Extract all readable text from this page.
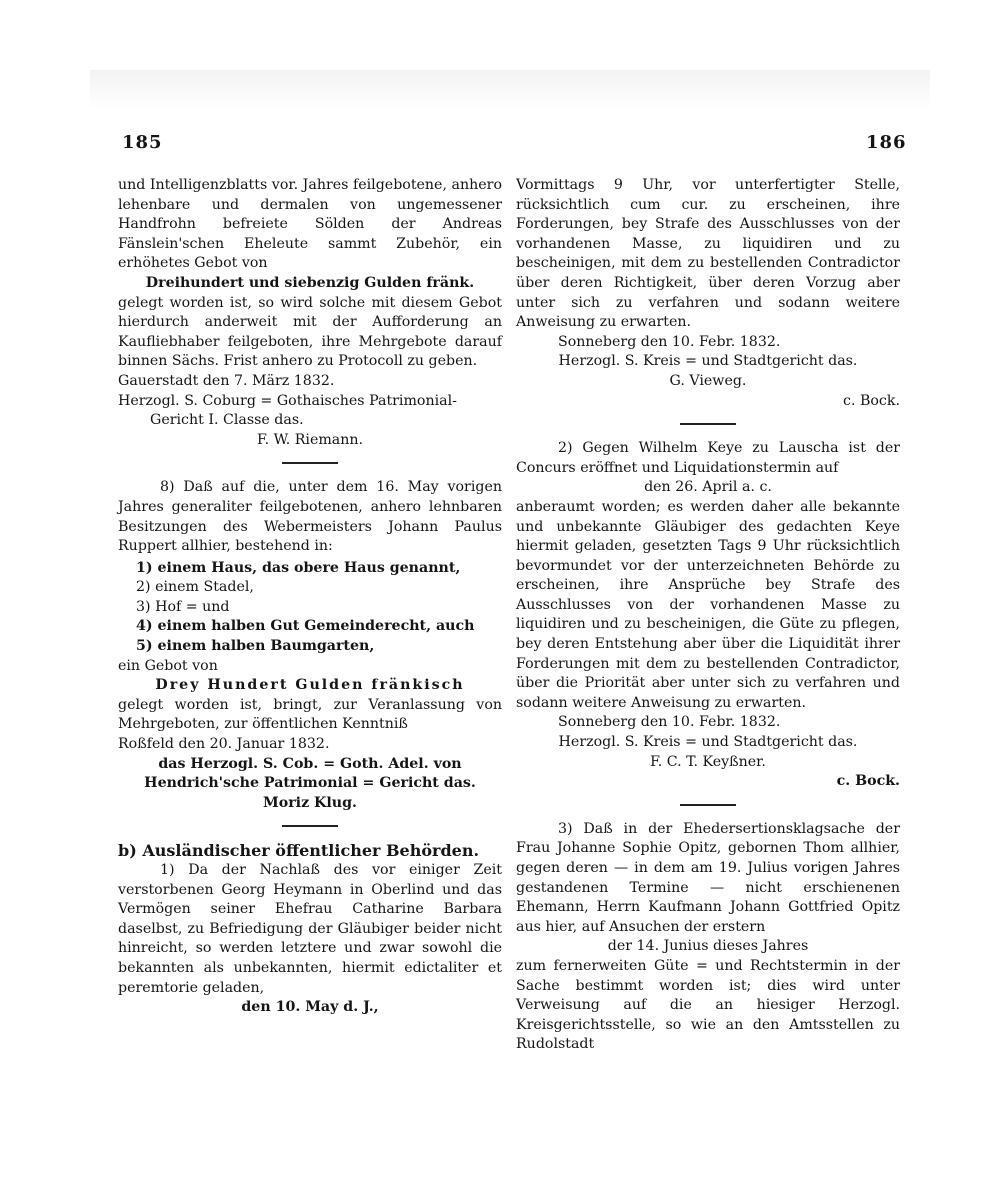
185	186

und Intelligenzblatts vor. Jahres feilgebotene, anhero lehenbare und dermalen von ungemessener Handfrohn befreiete Sölden der Andreas Fänslein'schen Eheleute sammt Zubehör, ein erhöhetes Gebot von

Dreihundert und siebenzig Gulden fränk.

gelegt worden ist, so wird solche mit diesem Gebot hierdurch anderweit mit der Aufforderung an Kaufliebhaber feilgeboten, ihre Mehrgebote darauf binnen Sächs. Frist anhero zu Protocoll zu geben.

Gauerstadt den 7. März 1832.

Herzogl. S. Coburg = Gothaisches Patrimonial- Gericht I. Classe das.

F. W. Riemann.

8) Daß auf die, unter dem 16. May vorigen Jahres generaliter feilgebotenen, anhero lehnbaren Besitzungen des Webermeisters Johann Paulus Ruppert allhier, bestehend in:

1) einem Haus, das obere Haus genannt,
2) einem Stadel,
3) Hof = und
4) einem halben Gut Gemeinderecht, auch
5) einem halben Baumgarten,

ein Gebot von

Drey Hundert Gulden fränkisch

gelegt worden ist, bringt, zur Veranlassung von Mehrgeboten, zur öffentlichen Kenntniß

Roßfeld den 20. Januar 1832.

das Herzogl. S. Cob. = Goth. Adel. von Hendrich'sche Patrimonial = Gericht das.

Moriz Klug.

b) Ausländischer öffentlicher Behörden.

1) Da der Nachlaß des vor einiger Zeit verstorbenen Georg Heymann in Oberlind und das Vermögen seiner Ehefrau Catharine Barbara daselbst, zu Befriedigung der Gläubiger beider nicht hinreicht, so werden letztere und zwar sowohl die bekannten als unbekannten, hiermit edictaliter et peremtorie geladen,

den 10. May d. J.,

Vormittags 9 Uhr, vor unterfertigter Stelle, rücksichtlich cum cur. zu erscheinen, ihre Forderungen, bey Strafe des Ausschlusses von der vorhandenen Masse, zu liquidiren und zu bescheinigen, mit dem zu bestellenden Contradictor über deren Richtigkeit, über deren Vorzug aber unter sich zu verfahren und sodann weitere Anweisung zu erwarten.

Sonneberg den 10. Febr. 1832.

Herzogl. S. Kreis = und Stadtgericht das.

G. Vieweg.

c. Bock.

2) Gegen Wilhelm Keye zu Lauscha ist der Concurs eröffnet und Liquidationstermin auf

den 26. April a. c.

anberaumt worden; es werden daher alle bekannte und unbekannte Gläubiger des gedachten Keye hiermit geladen, gesetzten Tags 9 Uhr rücksichtlich bevormundet vor der unterzeichneten Behörde zu erscheinen, ihre Ansprüche bey Strafe des Ausschlusses von der vorhandenen Masse zu liquidiren und zu bescheinigen, die Güte zu pflegen, bey deren Entstehung aber über die Liquidität ihrer Forderungen mit dem zu bestellenden Contradictor, über die Priorität aber unter sich zu verfahren und sodann weitere Anweisung zu erwarten.

Sonneberg den 10. Febr. 1832.

Herzogl. S. Kreis = und Stadtgericht das.

F. C. T. Keyßner.

c. Bock.

3) Daß in der Ehedersertionsklagsache der Frau Johanne Sophie Opitz, gebornen Thom allhier, gegen deren — in dem am 19. Julius vorigen Jahres gestandenen Termine — nicht erschienenen Ehemann, Herrn Kaufmann Johann Gottfried Opitz aus hier, auf Ansuchen der erstern

der 14. Junius dieses Jahres

zum fernerweiten Güte = und Rechtstermin in der Sache bestimmt worden ist; dies wird unter Verweisung auf die an hiesiger Herzogl. Kreisgerichtsstelle, so wie an den Amtsstellen zu Rudolstadt
